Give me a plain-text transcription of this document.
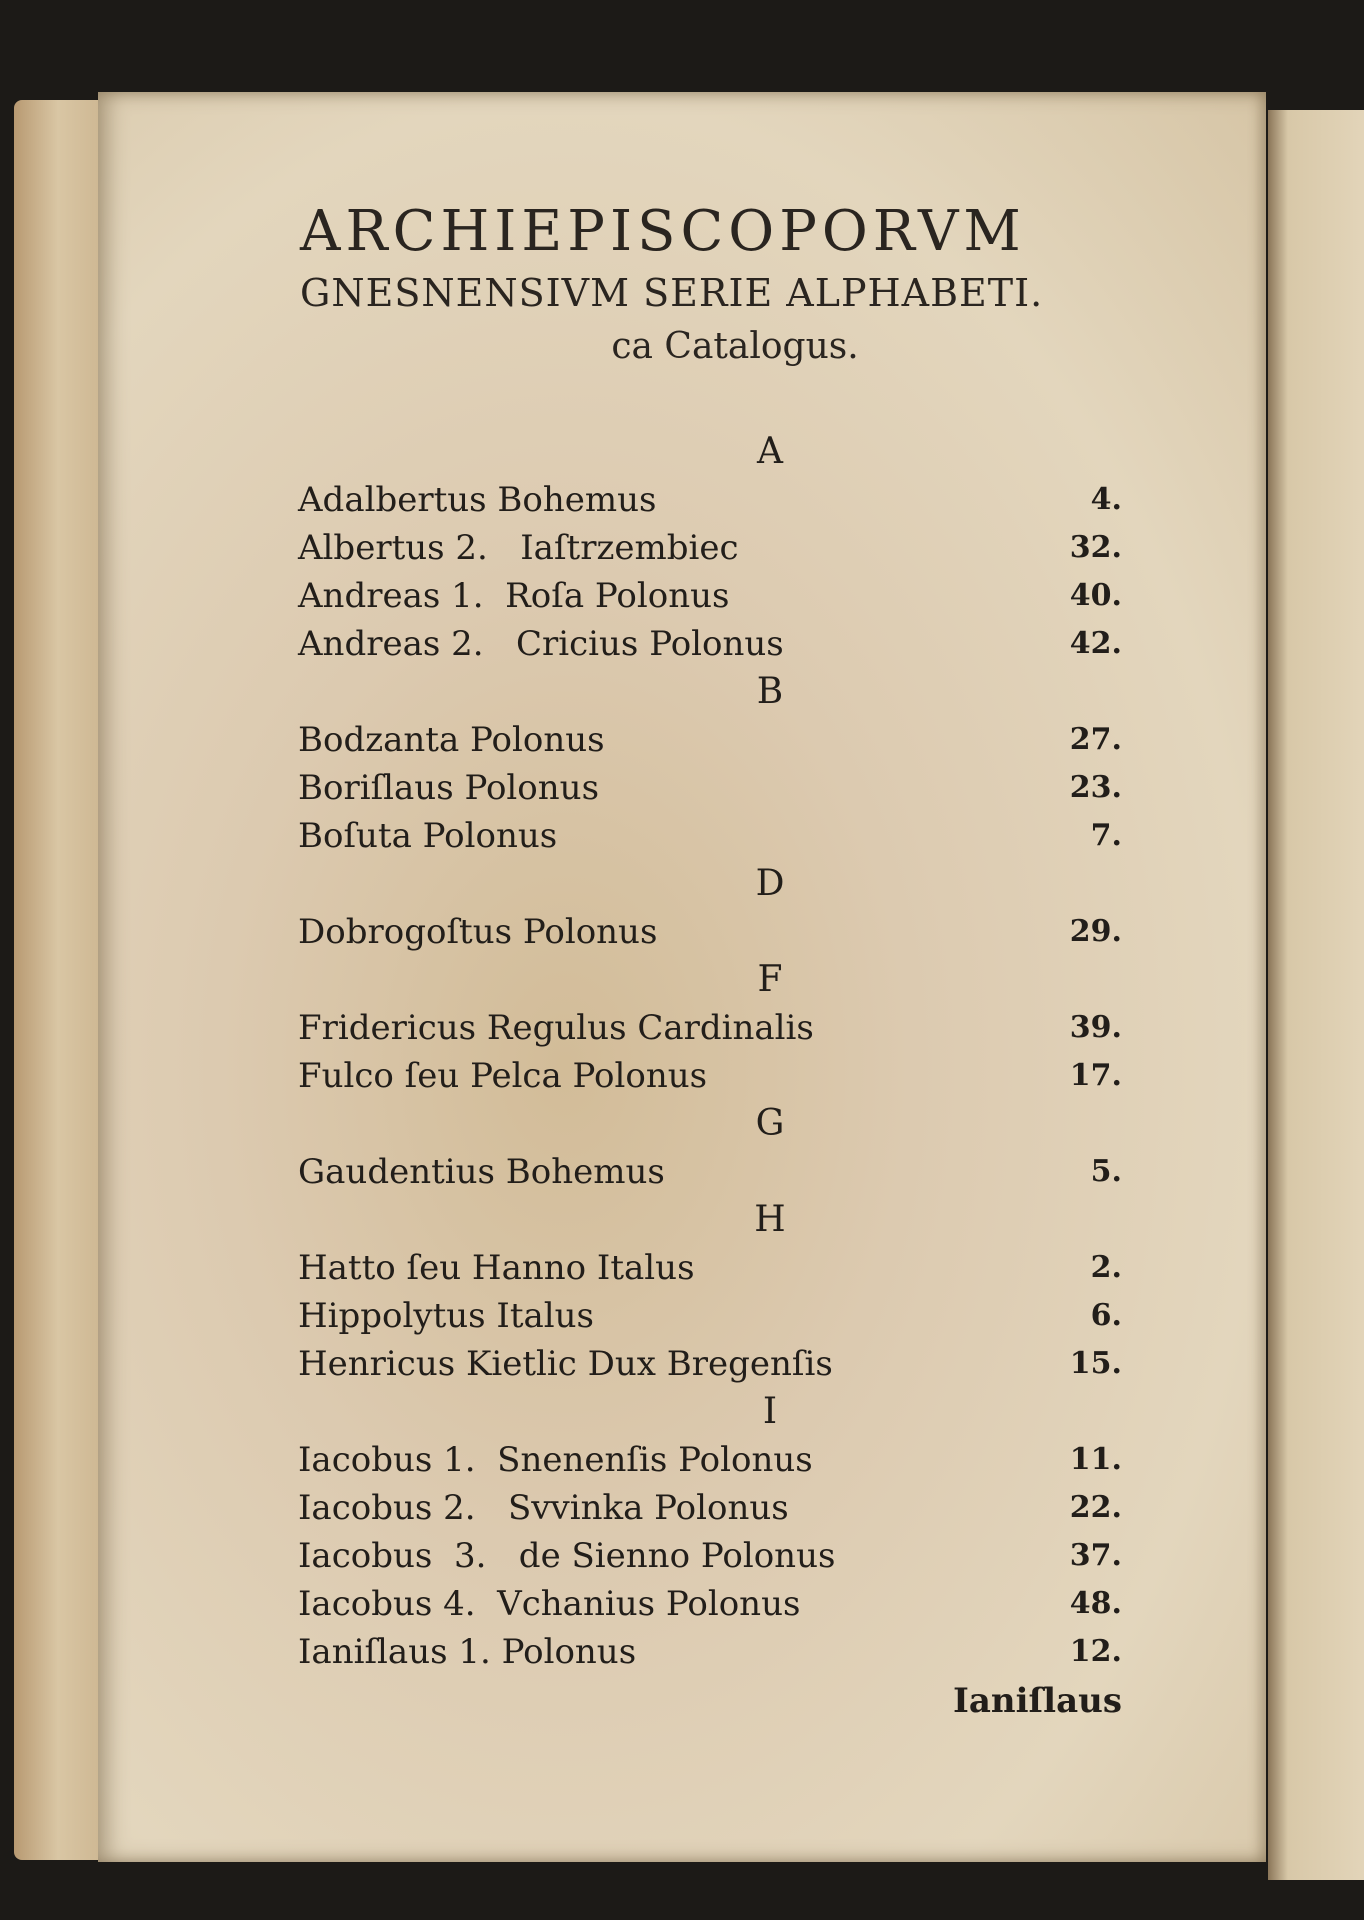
ARCHIEPISCOPORVM
GNESNENSIVM SERIE ALPHABETI.
ca Catalogus.
A
Adalbertus Bohemus	4.
Albertus 2.   Iaſtrzembiec	32.
Andreas 1.  Roſa Polonus	40.
Andreas 2.   Cricius Polonus	42.
B
Bodzanta Polonus	27.
Boriſlaus Polonus	23.
Boſuta Polonus	7.
D
Dobrogoſtus Polonus	29.
F
Fridericus Regulus Cardinalis	39.
Fulco ſeu Pelca Polonus	17.
G
Gaudentius Bohemus	5.
H
Hatto ſeu Hanno Italus	2.
Hippolytus Italus	6.
Henricus Kietlic Dux Bregenſis	15.
I
Iacobus 1.  Snenenſis Polonus	11.
Iacobus 2.   Svvinka Polonus	22.
Iacobus  3.   de Sienno Polonus	37.
Iacobus 4.  Vchanius Polonus	48.
Ianiſlaus 1. Polonus	12.
Ianiſlaus
